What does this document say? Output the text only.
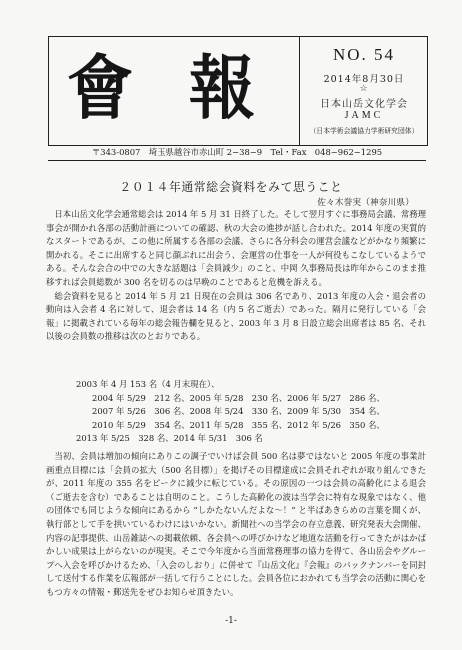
會 報	NO. 54
2014年8月30日
☆
日本山岳文化学会
JAMC
（日本学術会議協力学術研究団体）
〒343-0807　埼玉県越谷市赤山町 2−38−9　Tel・Fax　048−962−1295
２０１４年通常総会資料をみて思うこと
佐々木誉実（神奈川県）

日本山岳文化学会通常総会は 2014 年 5 月 31 日終了した。そして翌月すぐに事務局会議、常務理事会が開かれ各部の活動計画についての確認、秋の大会の進捗が話し合われた。2014 年度の実質的なスタートであるが、この他に所属する各部の会議、さらに各分科会の運営会議などがかなり頻繁に開かれる。そこに出席すると同じ顔ぶれに出会う、会運営の仕事を一人が何役もこなしているようである。そんな会合の中での大きな話題は「会員減少」のこと、中岡 久事務局長は昨年からこのまま推移すれば会員総数が 300 名を切るのは早晩のことであると危機を訴える。

総会資料を見ると 2014 年 5 月 21 日現在の会員は 306 名であり、2013 年度の入会・退会者の動向は入会者 4 名に対して、退会者は 14 名（内 5 名ご逝去）であった。隔月に発行している「会報」に掲載されている毎年の総会報告欄を見ると、2003 年 3 月 8 日設立総会出席者は 85 名、それ以後の会員数の推移は次のとおりである。

2003 年 4 月 153 名（4 月末現在）、
2004 年 5/29　212 名、2005 年 5/28　230 名、2006 年 5/27　286 名、
2007 年 5/26　306 名、2008 年 5/24　330 名、2009 年 5/30　354 名、
2010 年 5/29　354 名、2011 年 5/28　355 名、2012 年 5/26　350 名、
2013 年 5/25　328 名、2014 年 5/31　306 名

当初、会員は増加の傾向にありこの調子でいけば会員 500 名は夢ではないと 2005 年度の事業計画重点目標には「会員の拡大（500 名目標）」を掲げその目標達成に会員それぞれが取り組んできたが、2011 年度の 355 名をピークに減少に転じている。その原因の一つは会員の高齢化による退会（ご逝去を含む）であることは自明のこと。こうした高齢化の波は当学会に特有な現象ではなく、他の団体でも同じような傾向にあるから “しかたないんだよな〜！” と半ばあきらめの言葉を聞くが、執行部として手を拱いているわけにはいかない。新聞社への当学会の存立意義、研究発表大会開催、内容の記事提供、山岳雑誌への掲載依頼、各会員への呼びかけなど地道な活動を行ってきたがはかばかしい成果は上がらないのが現実。そこで今年度から当面常務理事の協力を得て、各山岳会やグループへ入会を呼びかけるため、「入会のしおり」に併せて『山岳文化』『会報』のバックナンバーを同封して送付する作業を広報部が一括して行うことにした。会員各位におかれても当学会の活動に関心をもつ方々の情報・郵送先をぜひお知らせ頂きたい。

-1-
